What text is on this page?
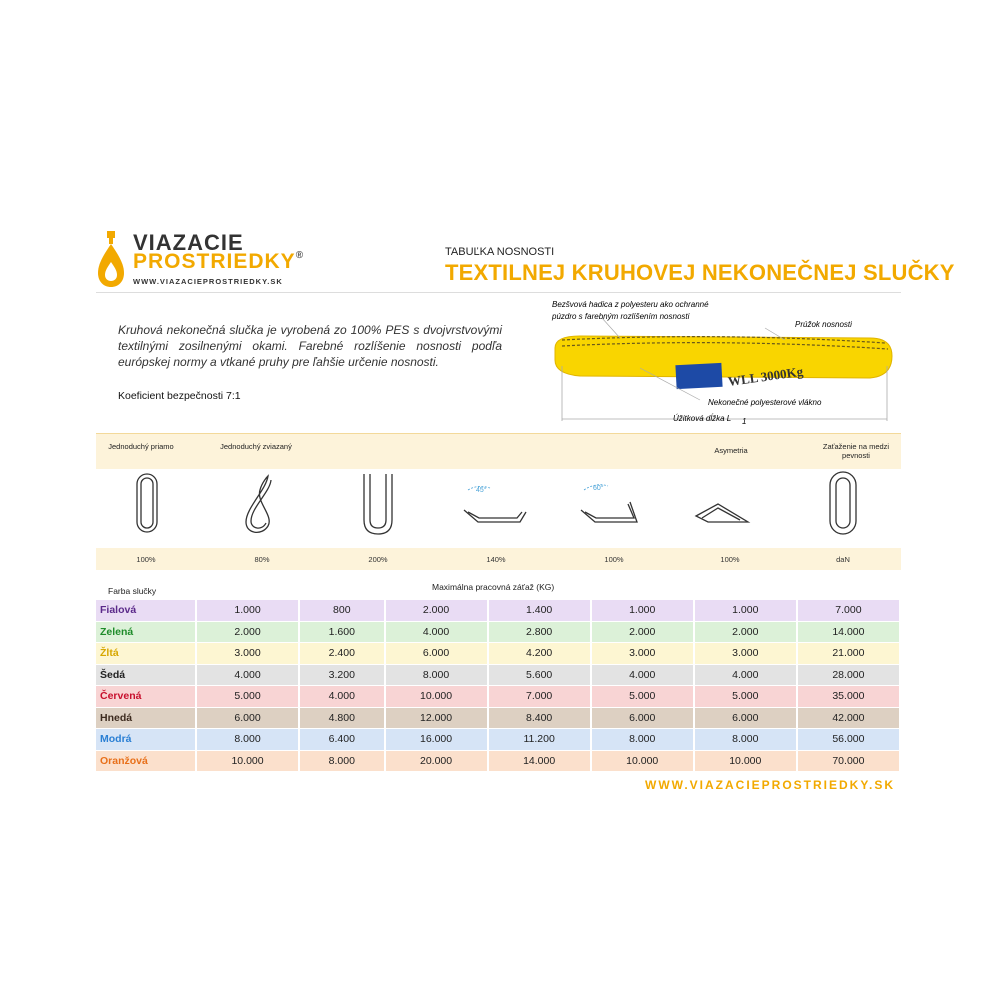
VIAZACIE
PROSTRIEDKY®
WWW.VIAZACIEPROSTRIEDKY.SK
TABUĽKA NOSNOSTI
TEXTILNEJ KRUHOVEJ NEKONEČNEJ SLUČKY
Kruhová nekonečná slučka je vyrobená zo 100% PES s dvojvrstvovými textilnými zosilnenými okami. Farebné rozlíšenie nosnosti podľa európskej normy a vtkané pruhy pre ľahšie určenie nosnosti.
Koeficient bezpečnosti 7:1
WLL 3000Kg
Bezšvová hadica z polyesteru ako ochranné
púzdro s farebným rozlíšením nosnosti
Prúžok nosnosti
Nekonečné polyesterové vlákno
Úžitková dĺžka L 1
Jednoduchý priamo	Jednoduchý zviazaný	Asymetria	Zaťaženie na medzi pevnosti
45°	60°
100%	80%	200%	140%	100%	100%	daN
Farba slučky	Maximálna pracovná záťaž (KG)
Fialová	1.000	800	2.000	1.400	1.000	1.000	7.000
Zelená	2.000	1.600	4.000	2.800	2.000	2.000	14.000
Žltá	3.000	2.400	6.000	4.200	3.000	3.000	21.000
Šedá	4.000	3.200	8.000	5.600	4.000	4.000	28.000
Červená	5.000	4.000	10.000	7.000	5.000	5.000	35.000
Hnedá	6.000	4.800	12.000	8.400	6.000	6.000	42.000
Modrá	8.000	6.400	16.000	11.200	8.000	8.000	56.000
Oranžová	10.000	8.000	20.000	14.000	10.000	10.000	70.000
WWW.VIAZACIEPROSTRIEDKY.SK
